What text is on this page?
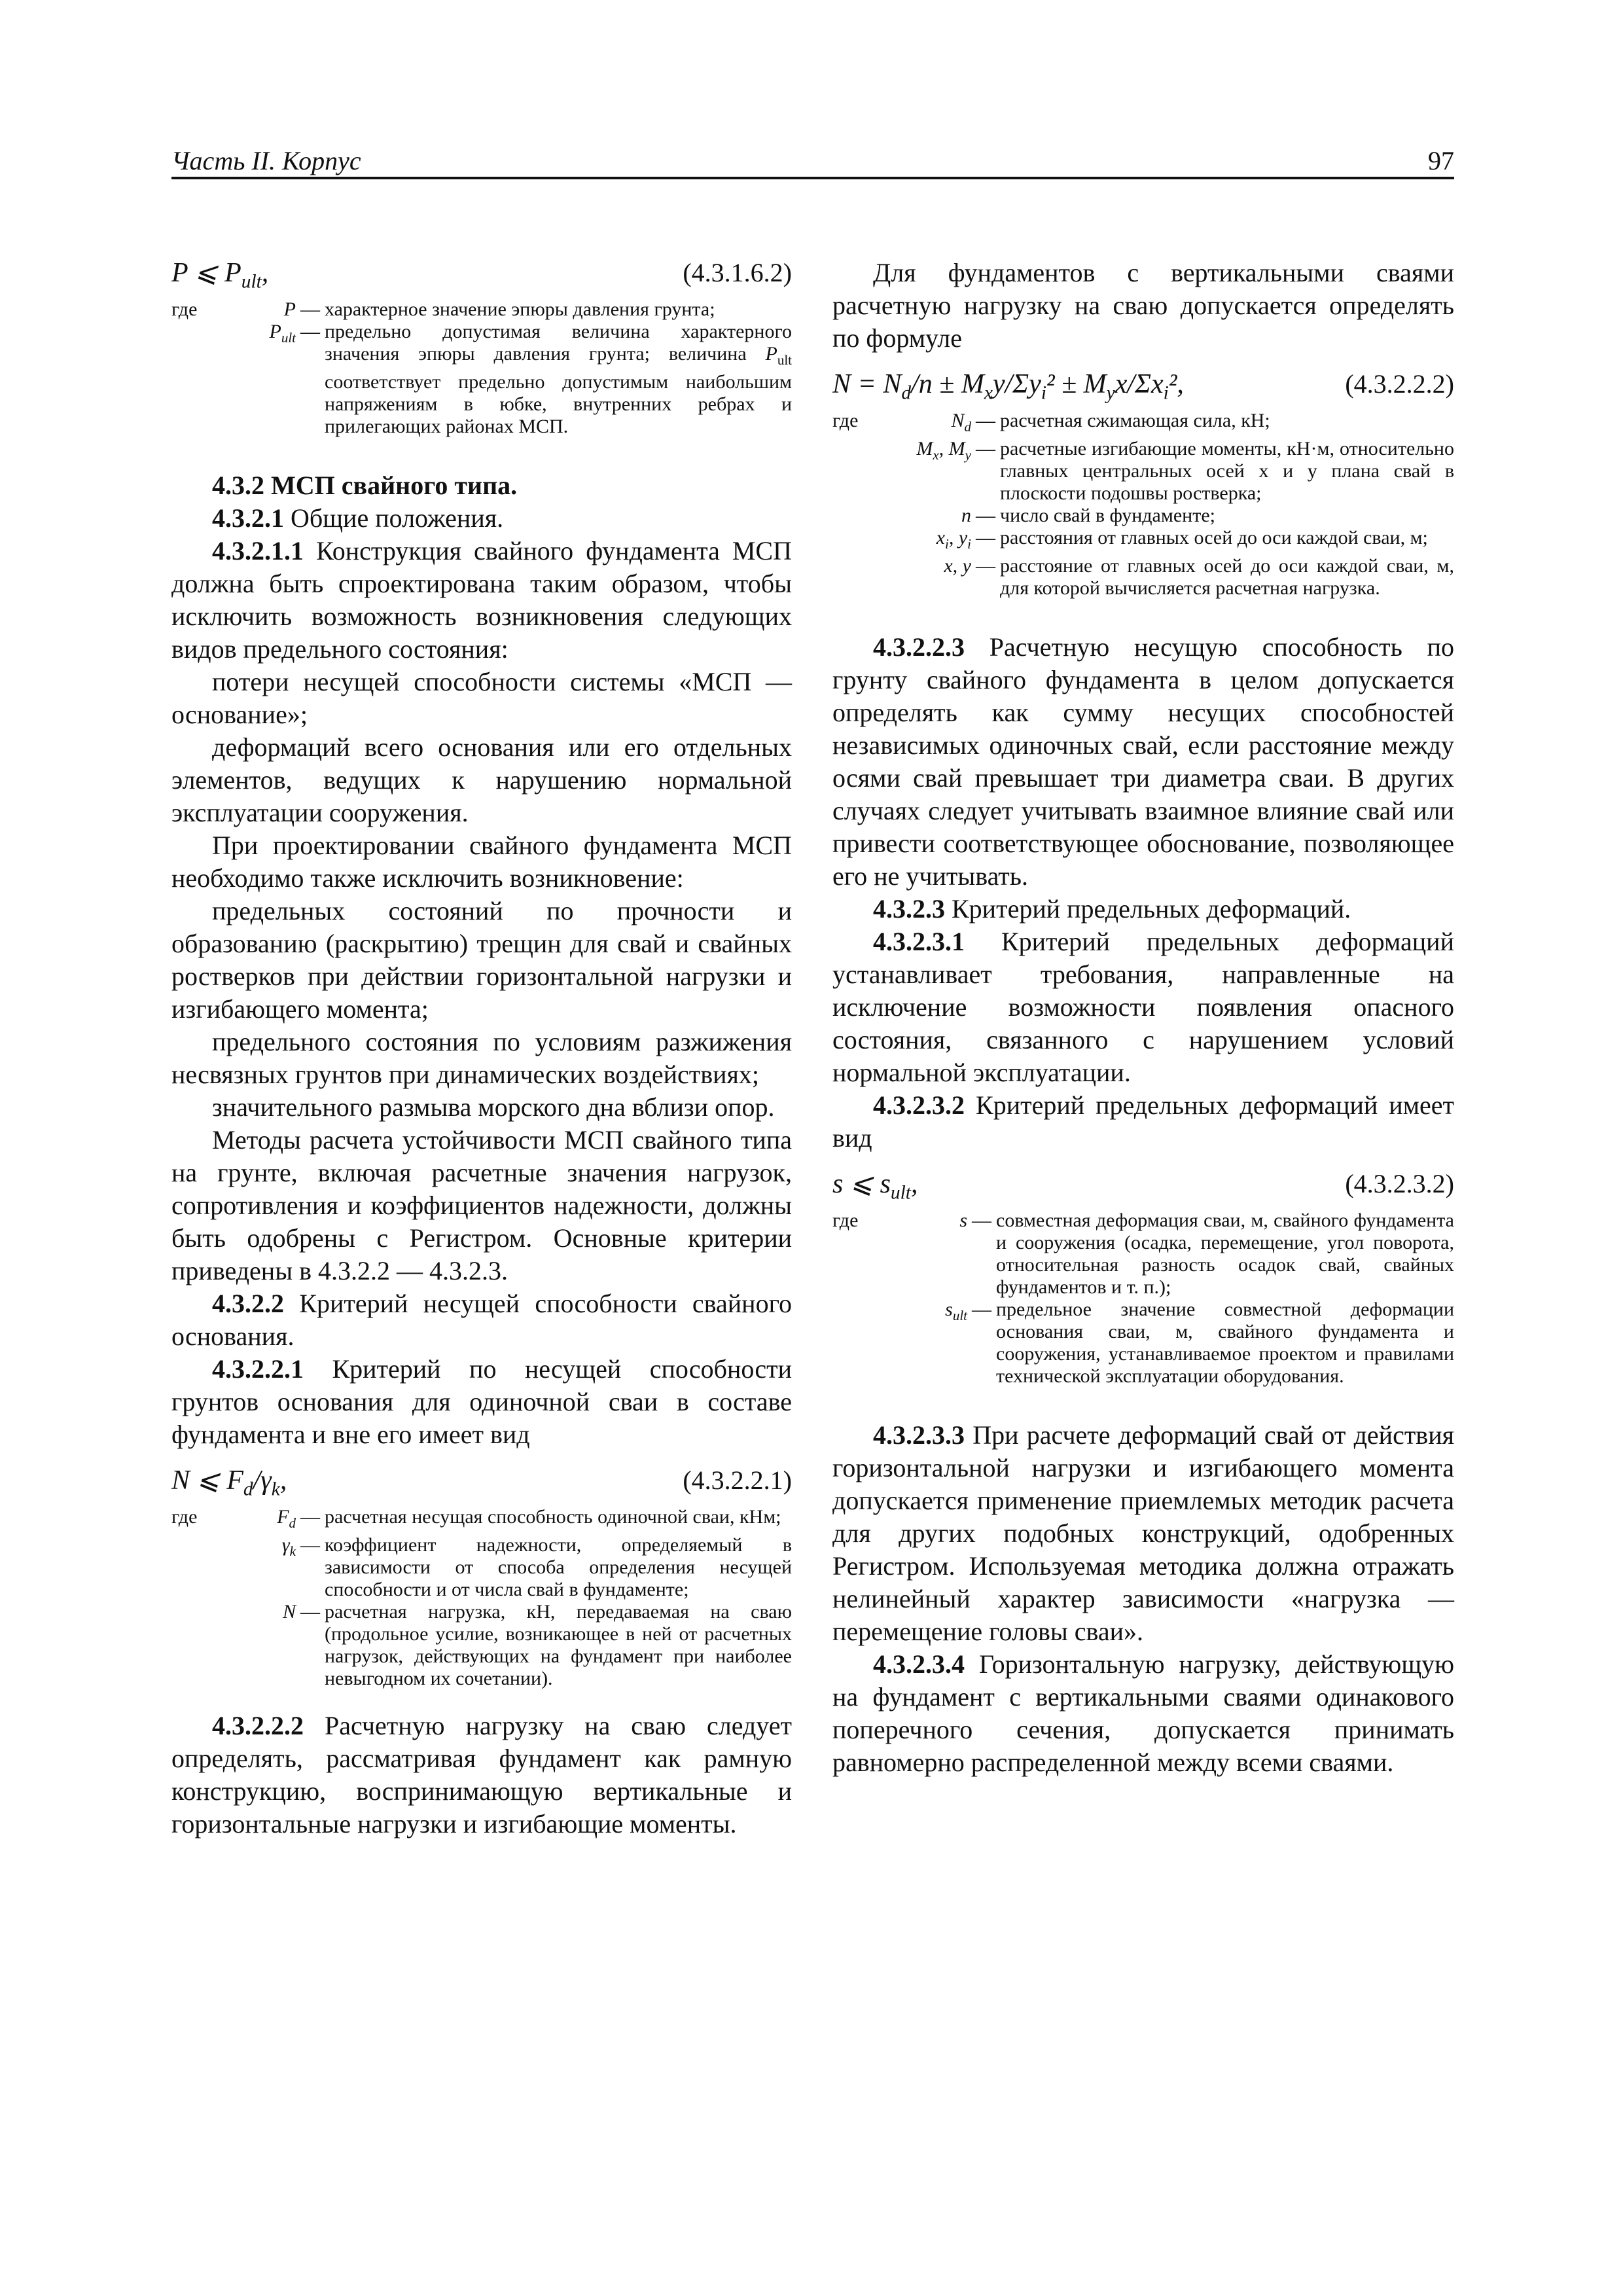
Часть II. Корпус	97
P ⩽ $P_{ult}$,	(4.3.1.6.2)
где	P — характерное значение эпюры давления грунта;
$P_{ult}$ — предельно допустимая величина характерного значения эпюры давления грунта; величина $P_{ult}$ соответствует предельно допустимым наибольшим напряжениям в юбке, внутренних ребрах и прилегающих районах МСП.

4.3.2 МСП свайного типа.

4.3.2.1 Общие положения.

4.3.2.1.1 Конструкция свайного фундамента МСП должна быть спроектирована таким образом, чтобы исключить возможность возникновения следующих видов предельного состояния:

потери несущей способности системы «МСП — основание»;

деформаций всего основания или его отдельных элементов, ведущих к нарушению нормальной эксплуатации сооружения.

При проектировании свайного фундамента МСП необходимо также исключить возникновение:

предельных состояний по прочности и образованию (раскрытию) трещин для свай и свайных ростверков при действии горизонтальной нагрузки и изгибающего момента;

предельного состояния по условиям разжижения несвязных грунтов при динамических воздействиях;

значительного размыва морского дна вблизи опор.

Методы расчета устойчивости МСП свайного типа на грунте, включая расчетные значения нагрузок, сопротивления и коэффициентов надежности, должны быть одобрены с Регистром. Основные критерии приведены в 4.3.2.2 — 4.3.2.3.

4.3.2.2 Критерий несущей способности свайного основания.

4.3.2.2.1 Критерий по несущей способности грунтов основания для одиночной сваи в составе фундамента и вне его имеет вид

N ⩽ $F_d/\gamma_k$,	(4.3.2.2.1)
где	$F_d$ — расчетная несущая способность одиночной сваи, кНм;
$\gamma_k$ — коэффициент надежности, определяемый в зависимости от способа определения несущей способности и от числа свай в фундаменте;
N — расчетная нагрузка, кН, передаваемая на сваю (продольное усилие, возникающее в ней от расчетных нагрузок, действующих на фундамент при наиболее невыгодном их сочетании).

4.3.2.2.2 Расчетную нагрузку на сваю следует определять, рассматривая фундамент как рамную конструкцию, воспринимающую вертикальные и горизонтальные нагрузки и изгибающие моменты.

Для фундаментов с вертикальными сваями расчетную нагрузку на сваю допускается определять по формуле

$N = N_d/n \pm M_xy/\Sigma y_i^2 \pm M_yx/\Sigma x_i^2$,	(4.3.2.2.2)
где	$N_d$ — расчетная сжимающая сила, кН;
$M_x$, $M_y$ — расчетные изгибающие моменты, кН·м, относительно главных центральных осей x и y плана свай в плоскости подошвы ростверка;
n — число свай в фундаменте;
$x_i$, $y_i$ — расстояния от главных осей до оси каждой сваи, м;
x, y — расстояние от главных осей до оси каждой сваи, м, для которой вычисляется расчетная нагрузка.

4.3.2.2.3 Расчетную несущую способность по грунту свайного фундамента в целом допускается определять как сумму несущих способностей независимых одиночных свай, если расстояние между осями свай превышает три диаметра сваи. В других случаях следует учитывать взаимное влияние свай или привести соответствующее обоснование, позволяющее его не учитывать.

4.3.2.3 Критерий предельных деформаций.

4.3.2.3.1 Критерий предельных деформаций устанавливает требования, направленные на исключение возможности появления опасного состояния, связанного с нарушением условий нормальной эксплуатации.

4.3.2.3.2 Критерий предельных деформаций имеет вид

s ⩽ $s_{ult}$,	(4.3.2.3.2)
где	s — совместная деформация сваи, м, свайного фундамента и сооружения (осадка, перемещение, угол поворота, относительная разность осадок свай, свайных фундаментов и т. п.);
$s_{ult}$ — предельное значение совместной деформации основания сваи, м, свайного фундамента и сооружения, устанавливаемое проектом и правилами технической эксплуатации оборудования.

4.3.2.3.3 При расчете деформаций свай от действия горизонтальной нагрузки и изгибающего момента допускается применение приемлемых методик расчета для других подобных конструкций, одобренных Регистром. Используемая методика должна отражать нелинейный характер зависимости «нагрузка — перемещение головы сваи».

4.3.2.3.4 Горизонтальную нагрузку, действующую на фундамент с вертикальными сваями одинакового поперечного сечения, допускается принимать равномерно распределенной между всеми сваями.
